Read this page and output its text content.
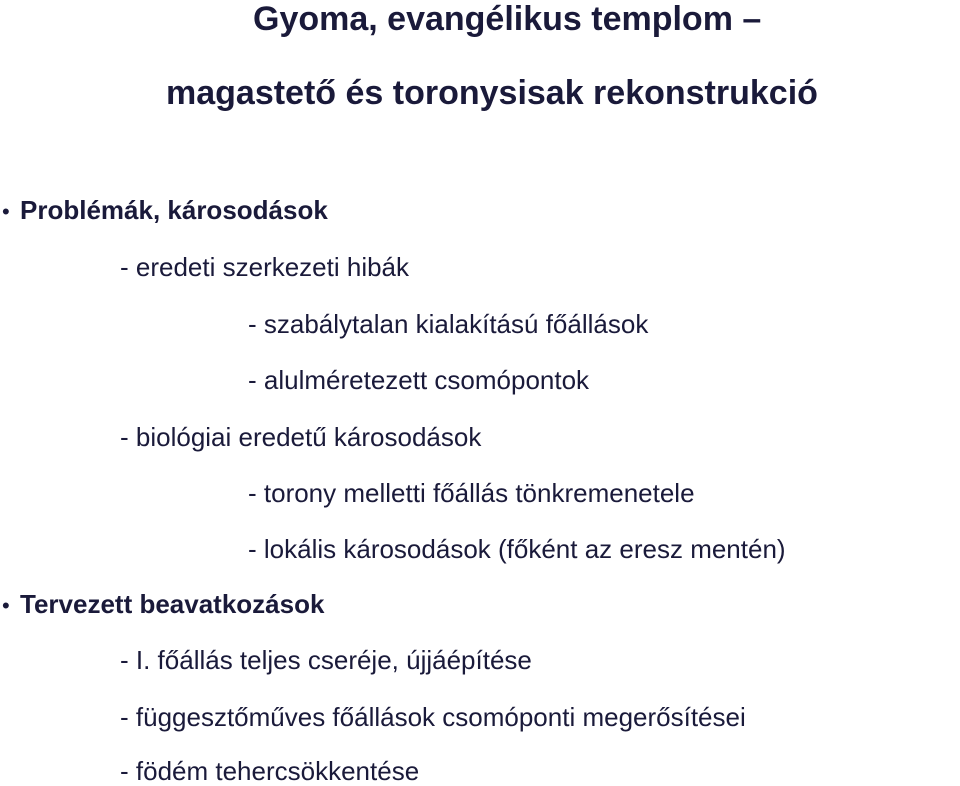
Gyoma, evangélikus templom –
magastető és toronysisak rekonstrukció
• Problémák, károsodások
- eredeti szerkezeti hibák
- szabálytalan kialakítású főállások
- alulméretezett csomópontok
- biológiai eredetű károsodások
- torony melletti főállás tönkremenetele
- lokális károsodások (főként az eresz mentén)
• Tervezett beavatkozások
- I. főállás teljes cseréje, újjáépítése
- függesztőműves főállások csomóponti megerősítései
- födém tehercsökkentése
